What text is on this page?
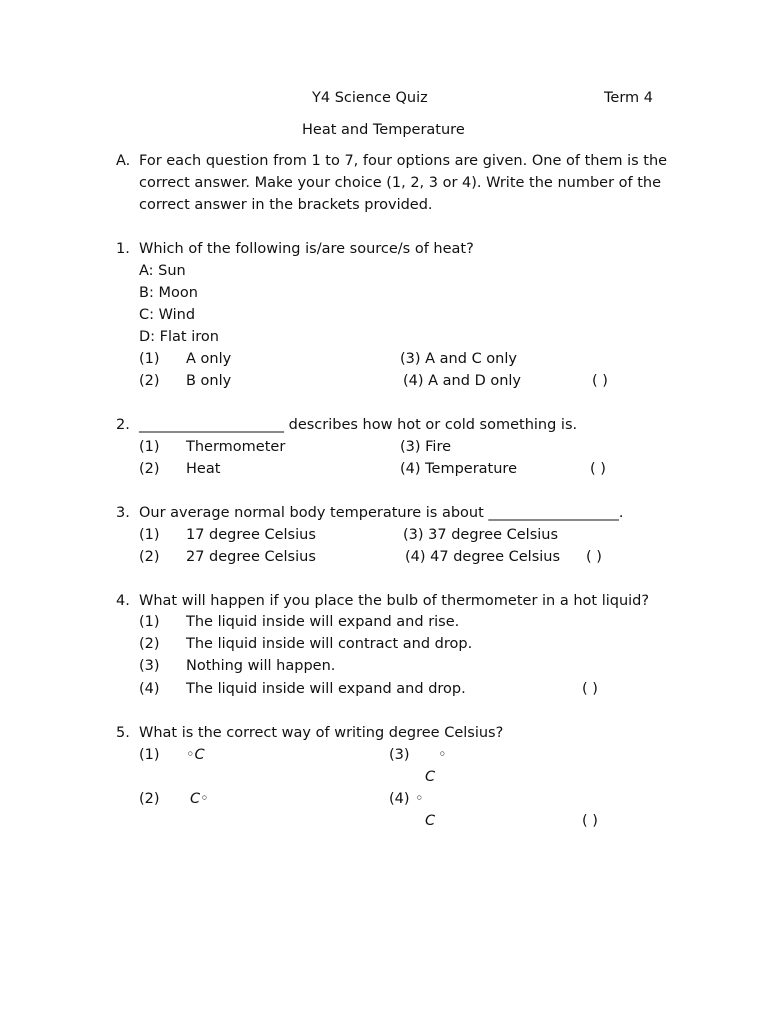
Y4 Science Quiz	Term 4
Heat and Temperature
A. For each question from 1 to 7, four options are given. One of them is the
correct answer. Make your choice (1, 2, 3 or 4). Write the number of the
correct answer in the brackets provided.
1. Which of the following is/are source/s of heat?
A: Sun
B: Moon
C: Wind
D: Flat iron
(1) A only	(3) A and C only
(2) B only	(4) A and D only	( )
2. ____________________ describes how hot or cold something is.
(1) Thermometer	(3) Fire
(2) Heat	(4) Temperature	( )
3. Our average normal body temperature is about __________________.
(1) 17 degree Celsius	(3) 37 degree Celsius
(2) 27 degree Celsius	(4) 47 degree Celsius ( )
4. What will happen if you place the bulb of thermometer in a hot liquid?
(1) The liquid inside will expand and rise.
(2) The liquid inside will contract and drop.
(3) Nothing will happen.
(4) The liquid inside will expand and drop.	( )
5. What is the correct way of writing degree Celsius?
(1) ◦C	(3) ◦
C
(2) C◦	(4) ◦
C	( )
